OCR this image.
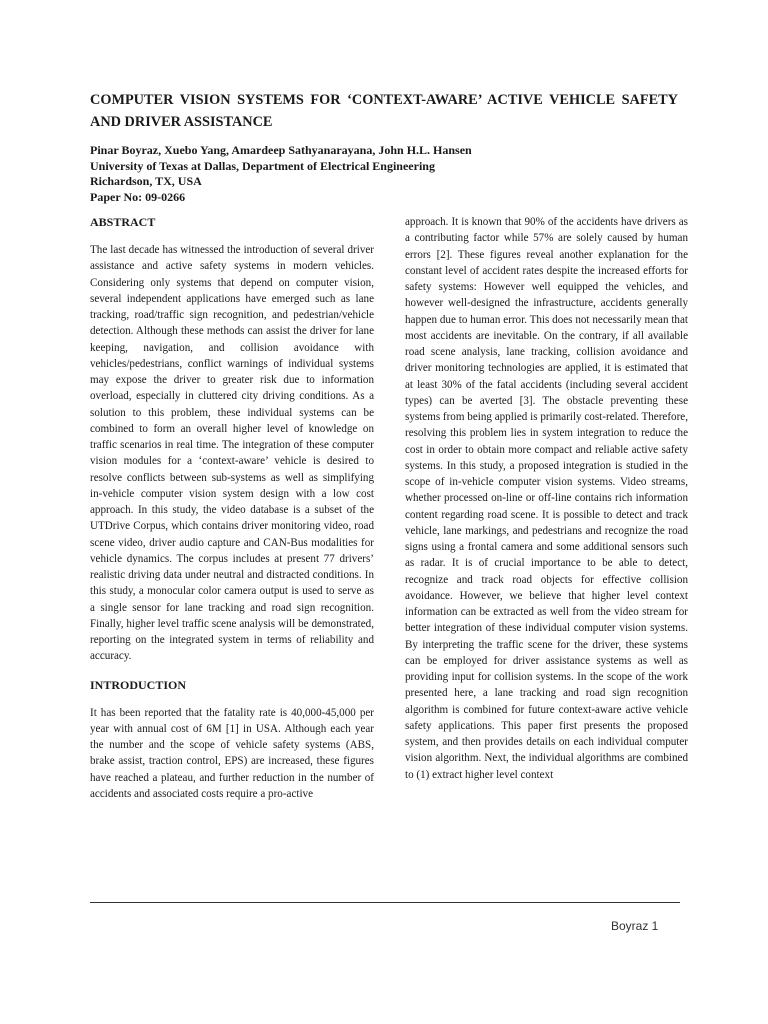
COMPUTER VISION SYSTEMS FOR ‘CONTEXT-AWARE’ ACTIVE VEHICLE SAFETY AND DRIVER ASSISTANCE
Pinar Boyraz, Xuebo Yang, Amardeep Sathyanarayana, John H.L. Hansen
University of Texas at Dallas, Department of Electrical Engineering
Richardson, TX, USA
Paper No: 09-0266
ABSTRACT
The last decade has witnessed the introduction of several driver assistance and active safety systems in modern vehicles. Considering only systems that depend on computer vision, several independent applications have emerged such as lane tracking, road/traffic sign recognition, and pedestrian/vehicle detection. Although these methods can assist the driver for lane keeping, navigation, and collision avoidance with vehicles/pedestrians, conflict warnings of individual systems may expose the driver to greater risk due to information overload, especially in cluttered city driving conditions. As a solution to this problem, these individual systems can be combined to form an overall higher level of knowledge on traffic scenarios in real time. The integration of these computer vision modules for a ‘context-aware’ vehicle is desired to resolve conflicts between sub-systems as well as simplifying in-vehicle computer vision system design with a low cost approach. In this study, the video database is a subset of the UTDrive Corpus, which contains driver monitoring video, road scene video, driver audio capture and CAN-Bus modalities for vehicle dynamics. The corpus includes at present 77 drivers’ realistic driving data under neutral and distracted conditions. In this study, a monocular color camera output is used to serve as a single sensor for lane tracking and road sign recognition. Finally, higher level traffic scene analysis will be demonstrated, reporting on the integrated system in terms of reliability and accuracy.
INTRODUCTION
It has been reported that the fatality rate is 40,000-45,000 per year with annual cost of 6M [1] in USA. Although each year the number and the scope of vehicle safety systems (ABS, brake assist, traction control, EPS) are increased, these figures have reached a plateau, and further reduction in the number of accidents and associated costs require a pro-active
approach. It is known that 90% of the accidents have drivers as a contributing factor while 57% are solely caused by human errors [2]. These figures reveal another explanation for the constant level of accident rates despite the increased efforts for safety systems: However well equipped the vehicles, and however well-designed the infrastructure, accidents generally happen due to human error. This does not necessarily mean that most accidents are inevitable. On the contrary, if all available road scene analysis, lane tracking, collision avoidance and driver monitoring technologies are applied, it is estimated that at least 30% of the fatal accidents (including several accident types) can be averted [3]. The obstacle preventing these systems from being applied is primarily cost-related. Therefore, resolving this problem lies in system integration to reduce the cost in order to obtain more compact and reliable active safety systems. In this study, a proposed integration is studied in the scope of in-vehicle computer vision systems. Video streams, whether processed on-line or off-line contains rich information content regarding road scene. It is possible to detect and track vehicle, lane markings, and pedestrians and recognize the road signs using a frontal camera and some additional sensors such as radar. It is of crucial importance to be able to detect, recognize and track road objects for effective collision avoidance. However, we believe that higher level context information can be extracted as well from the video stream for better integration of these individual computer vision systems. By interpreting the traffic scene for the driver, these systems can be employed for driver assistance systems as well as providing input for collision systems. In the scope of the work presented here, a lane tracking and road sign recognition algorithm is combined for future context-aware active vehicle safety applications. This paper first presents the proposed system, and then provides details on each individual computer vision algorithm. Next, the individual algorithms are combined to (1) extract higher level context
Boyraz 1
